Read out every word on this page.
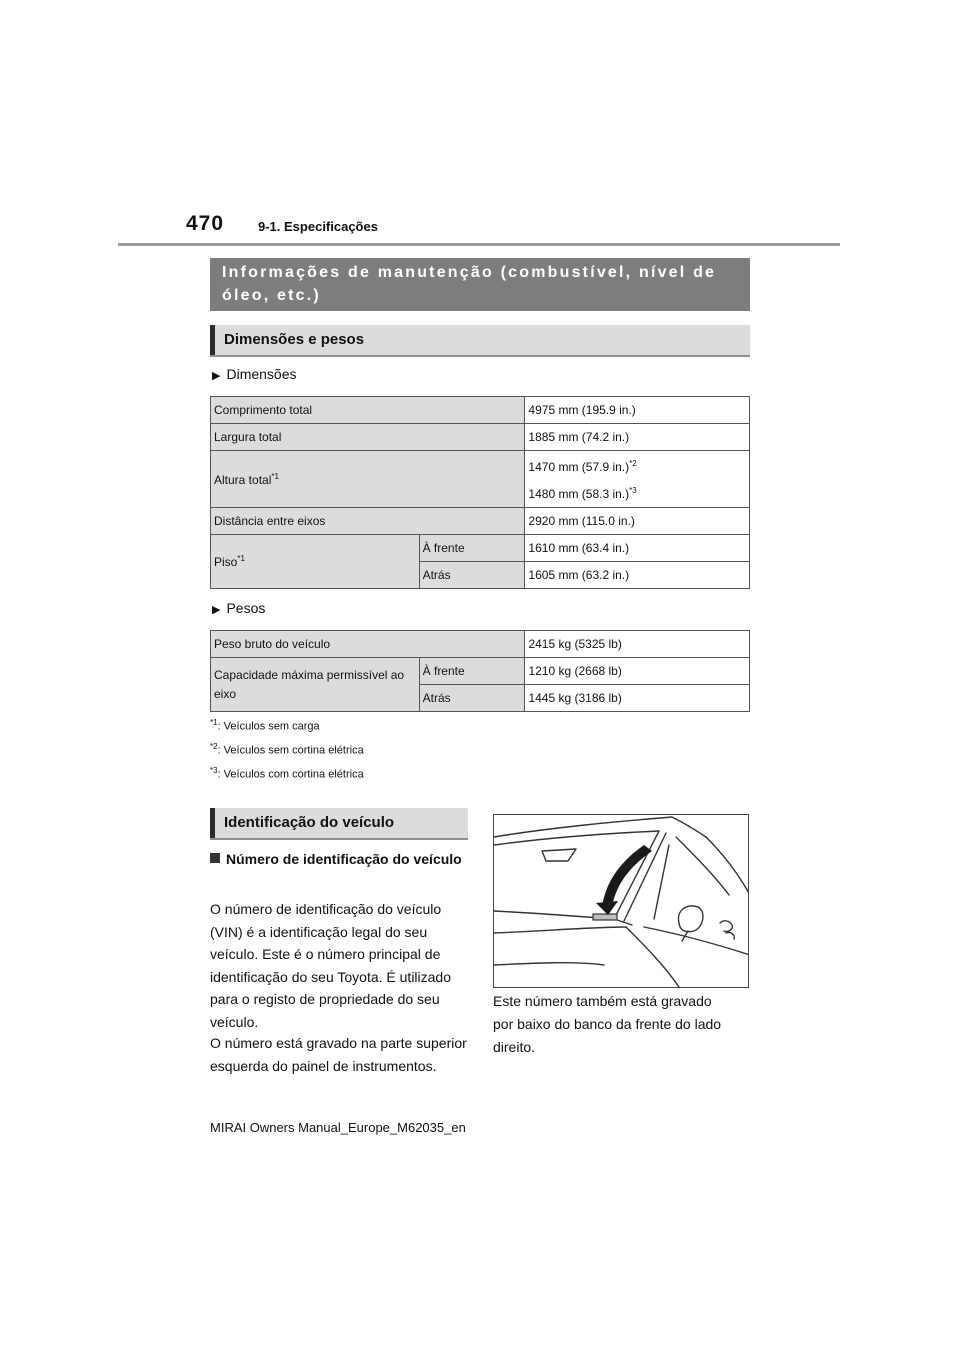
470	9-1. Especificações
Informações de manutenção (combustível, nível de óleo, etc.)
Dimensões e pesos
▶ Dimensões
Comprimento total		4975 mm (195.9 in.)
Largura total		1885 mm (74.2 in.)
Altura total$^{*1}$		1470 mm (57.9 in.)$^{*2}$
1480 mm (58.3 in.)$^{*3}$

Distância entre eixos		2920 mm (115.0 in.)
Piso$^{*1}$	À frente	1610 mm (63.4 in.)
	Atrás	1605 mm (63.2 in.)
▶ Pesos
Peso bruto do veículo		2415 kg (5325 lb)
Capacidade máxima permissível ao eixo	À frente	1210 kg (2668 lb)
	Atrás	1445 kg (3186 lb)
$^{*1}$: Veículos sem carga
$^{*2}$: Veículos sem cortina elétrica
$^{*3}$: Veículos com cortina elétrica
Identificação do veículo
Número de identificação do veículo
O número de identificação do veículo (VIN) é a identificação legal do seu veículo. Este é o número principal de identificação do seu Toyota. É utilizado para o registo de propriedade do seu veículo.
O número está gravado na parte superior esquerda do painel de instrumentos.
Este número também está gravado por baixo do banco da frente do lado direito.
MIRAI Owners Manual_Europe_M62035_en
